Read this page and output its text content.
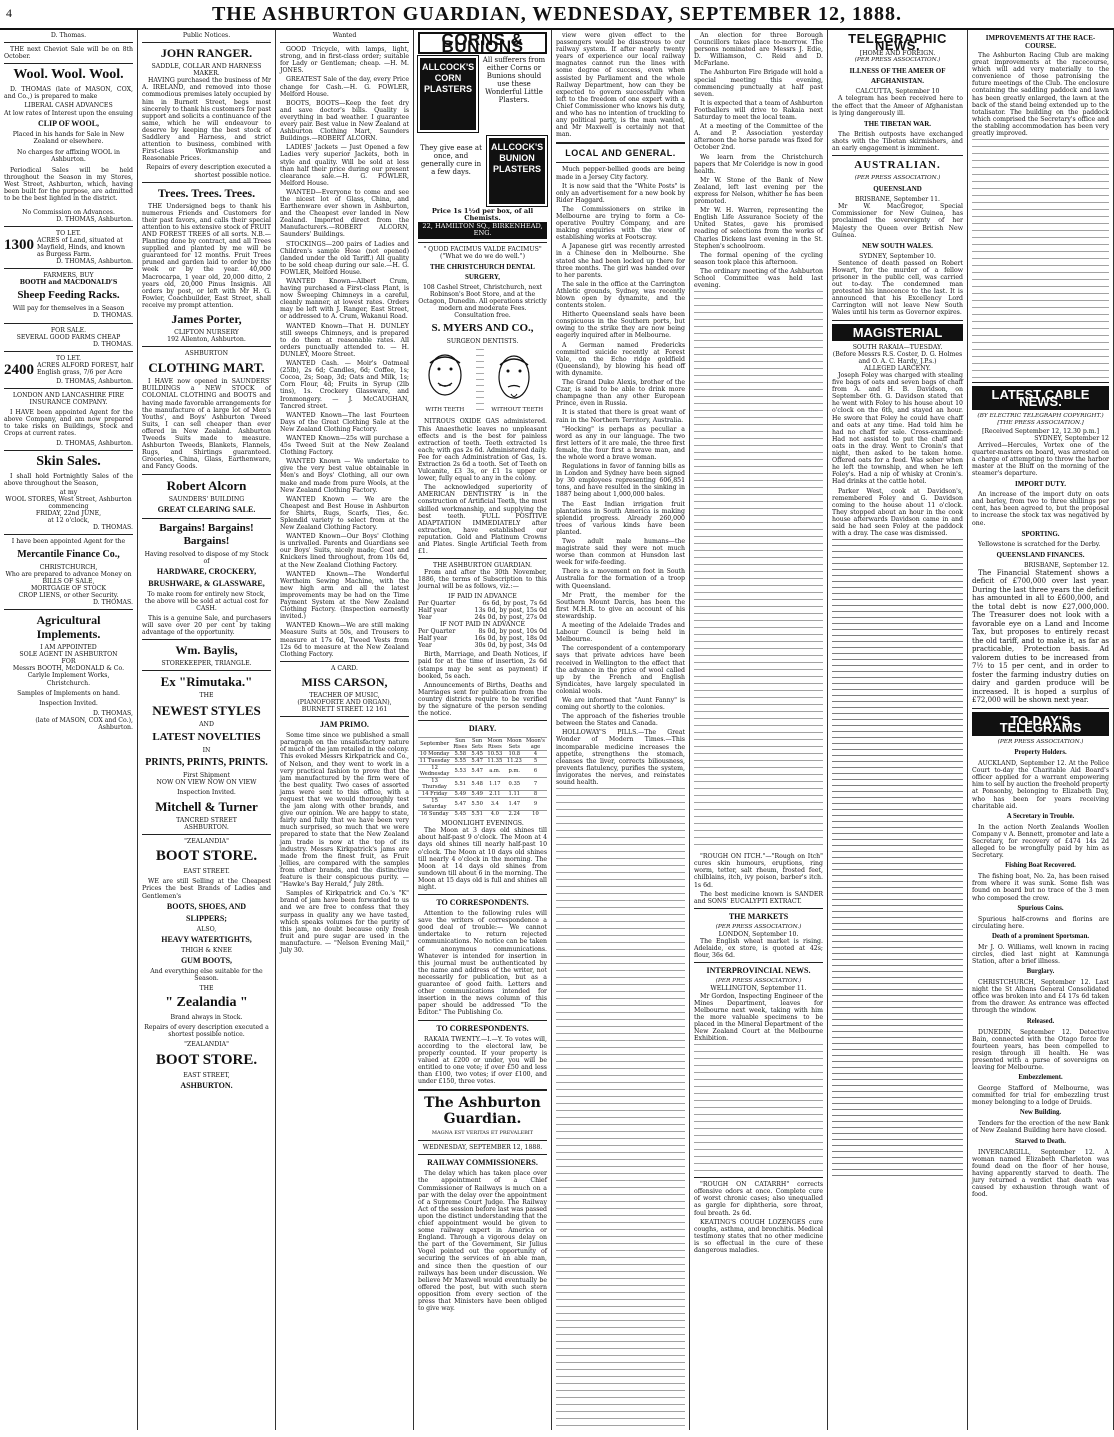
4	THE ASHBURTON GUARDIAN, WEDNESDAY, SEPTEMBER 12, 1888.
D. Thomas.
THE next Cheviot Sale will be on 8th October.
Wool. Wool. Wool.
D. THOMAS (late of MASON, COX, and Co.,) is prepared to make
LIBERAL CASH ADVANCES
At low rates of Interest upon the ensuing
CLIP OF WOOL,
Placed in his hands for Sale in New Zealand or elsewhere.
No charges for affixing WOOL in Ashburton.
Periodical Sales will be held throughout the Season in my Stores, West Street, Ashburton, which, having been built for the purpose, are admitted to be the best lighted in the district.
No Commission on Advances.
D. THOMAS, Ashburton.
TO LET.
1300 ACRES of Land, situated at Mayfield, Hinds, and known as Burgess Farm.
D. THOMAS, Ashburton.
FARMERS, BUY
BOOTH and MACDONALD'S
Sheep Feeding Racks.
Will pay for themselves in a Season
D. THOMAS.
FOR SALE.
SEVERAL GOOD FARMS CHEAP
D. THOMAS.
TO LET.
2400 ACRES ALFORD FOREST, half English grass, 7/6 per Acre
D. THOMAS, Ashburton.
LONDON AND LANCASHIRE FIRE INSURANCE COMPANY.
I HAVE been appointed Agent for the above Company, and am now prepared to take risks on Buildings, Stock and Crops at current rates.
D. THOMAS, Ashburton.
Skin Sales.
I shall hold Fortnightly Sales of the above throughout the Season,
at my
WOOL STORES, West Street, Ashburton
commencing
FRIDAY, 22nd JUNE,
at 12 o'clock,
D. THOMAS.
I have been appointed Agent for the
Mercantile Finance Co.,
CHRISTCHURCH,
Who are prepared to advance Money on
BILLS OF SALE,
MORTGAGE OF STOCK
CROP LIENS, or other Security.
D. THOMAS.
Agricultural Implements.
I AM APPOINTED
SOLE AGENT IN ASHBURTON
FOR
Messrs BOOTH, McDONALD & Co.
Carlyle Implement Works,
Christchurch.
Samples of Implements on hand.
Inspection Invited.
D. THOMAS,
(late of MASON, COX and Co.), Ashburton.
Public Notices.
JOHN RANGER.
SADDLE, COLLAR AND HARNESS MAKER.
HAVING purchased the business of Mr A. IRELAND, and removed into those commodious premises lately occupied by him in Burnett Street, begs most sincerely to thank his customers for past support and solicits a continuance of the same, which he will endeavour to deserve by keeping the best stock of Saddlery and Harness, and strict attention to business, combined with First-class Workmanship and Reasonable Prices.
Repairs of every description executed a shortest possible notice.
Trees. Trees. Trees.
THE Undersigned begs to thank his numerous Friends and Customers for their past favors, and calls their special attention to his extensive stock of FRUIT AND FOREST TREES of all sorts. N.B.—Planting done by contract, and all Trees supplied and planted by me will be guaranteed for 12 months. Fruit Trees pruned and garden laid to order by the week or by the year. 40,000 Macrocarpa, 1 year old, 20,000 ditto, 2 years old, 20,000 Pinus Insignis. All orders by post, or left with Mr H. G. Fowler, Coachbuilder, East Street, shall receive my prompt attention.
James Porter,
CLIFTON NURSERY
192 Allenton, Ashburton.
ASHBURTON
CLOTHING MART.
I HAVE now opened in SAUNDERS' BUILDINGS a NEW STOCK of COLONIAL CLOTHING and BOOTS and having made favorable arrangements for the manufacture of a large lot of Men's Youths', and Boys' Ashburton Tweed Suits, I can sell cheaper than ever offered in New Zealand. Ashburton Tweeds Suits made to measure. Ashburton Tweeds, Blankets, Flannels, Rugs, and Shirtings guaranteed. Groceries, China, Glass, Earthenware, and Fancy Goods.
Robert Alcorn
SAUNDERS' BUILDING
GREAT CLEARING SALE.
Bargains! Bargains! Bargains!
Having resolved to dispose of my Stock of
HARDWARE, CROCKERY,
BRUSHWARE, & GLASSWARE,
To make room for entirely new Stock, the above will be sold at actual cost for CASH.
This is a genuine Sale, and purchasers will save over 20 per cent by taking advantage of the opportunity.
Wm. Baylis,
STOREKEEPER, TRIANGLE.
Ex "Rimutaka."
THE
NEWEST STYLES
AND
LATEST NOVELTIES
IN
PRINTS, PRINTS, PRINTS.
First Shipment
NOW ON VIEW NOW ON VIEW
Inspection Invited.
Mitchell & Turner
TANCRED STREET
ASHBURTON.
"ZEALANDIA"
BOOT STORE.
EAST STREET.
WE are still Selling at the Cheapest Prices the best Brands of Ladies and Gentlemen's
BOOTS, SHOES, AND
SLIPPERS;
ALSO,
HEAVY WATERTIGHTS,
THIGH & KNEE
GUM BOOTS,
And everything else suitable for the Season.
THE
" Zealandia "
Brand always in Stock.
Repairs of every description executed a shortest possible notice.
"ZEALANDIA"
BOOT STORE.
EAST STREET,
ASHBURTON.
Wanted
GOOD Tricycle, with lamps, light, strong, and in first-class order; suitable for Lady or Gentleman; cheap. —H. M. JONES.
GREATEST Sale of the day, every Price change for Cash.—H. G. FOWLER, Melford House.
BOOTS, BOOTS—Keep the feet dry and save doctor's bills. Quality is everything in bad weather. I guarantee every pair. Best value in New Zealand at Ashburton Clothing Mart, Saunders Buildings.—ROBERT ALCORN.
LADIES' Jackets — Just Opened a few Ladies very superior Jackets, both in style and quality. Will be sold at less than half their price during our present clearance sale.—H. G. FOWLER, Melford House.
WANTED—Everyone to come and see the nicest lot of Glass, China, and Earthenware ever shown in Ashburton, and the Cheapest ever landed in New Zealand. Imported direct from the Manufacturers.—ROBERT ALCORN, Saunders' Buildings.
STOCKINGS—200 pairs of Ladies and Children's sample Hose (not opened) (landed under the old Tariff.) All quality to be sold cheap during our sale.—H. G. FOWLER, Melford House.
WANTED Known—Albert Crum, having purchased a First-class Plant, is now Sweeping Chimneys in a careful, cleanly manner, at lowest rates. Orders may be left with J. Ranger, East Street, or addressed to A. Crum, Wakanui Road.
WANTED Known—That H. DUNLEY still sweeps Chimneys, and is prepared to do them at reasonable rates. All orders punctually attended to. — H. DUNLEY, Moore Street.
WANTED Cash. — Moir's Oatmeal (25lb), 2s 6d; Candles, 6d; Coffee, 1s; Cocoa, 2s; Soap, 3d; Oats and Milk, 1s; Corn Flour, 4d; Fruits in Syrup (2lb tins), 1s. Crockery Glassware, and Ironmongery. — J. McCAUGHAN, Tancred street.
WANTED Known—The last Fourteen Days of the Great Clothing Sale at the New Zealand Clothing Factory.
WANTED Known—25s will purchase a 45s Tweed Suit at the New Zealand Clothing Factory.
WANTED Known — We undertake to give the very best value obtainable in Men's and Boys' Clothing, all our own make and made from pure Wools, at the New Zealand Clothing Factory.
WANTED Known — We are the Cheapest and Best House in Ashburton for Shirts, Rugs, Scarfs, Ties, &c. Splendid variety to select from at the New Zealand Clothing Factory.
WANTED Known—Our Boys' Clothing is unrivalled. Parents and Guardians see our Boys' Suits, nicely made; Coat and Knickers lined throughout, from 10s 6d, at the New Zealand Clothing Factory.
WANTED Known—The Wonderful Wertheim Sewing Machine, with the new high arm and all the latest improvements may be had on the Time Payment System at the New Zealand Clothing Factory. (Inspection earnestly invited.)
WANTED Known—We are still making Measure Suits at 50s, and Trousers to measure at 17s 6d, Tweed Vests from 12s 6d to measure at the New Zealand Clothing Factory.
A CARD.
MISS CARSON,
TEACHER OF MUSIC,
(PIANOFORTE AND ORGAN),
BURNETT STREET. 12 161
JAM PRIMO.
Some time since we published a small paragraph on the unsatisfactory nature of much of the jam retailed in the colony. This evoked Messrs Kirkpatrick and Co., of Nelson, and they went to work in a very practical fashion to prove that the jam manufactured by the firm were of the best quality. Two cases of assorted jams were sent to this office, with a request that we would thoroughly test the jam along with other brands, and give our opinion. We are happy to state, fairly and fully that we have been very much surprised, so much that we were prepared to state that the New Zealand jam trade is now at the top of its industry. Messrs Kirkpatrick's jams are made from the finest fruit, as Fruit Jellies, are compared with the samples from other brands, and the distinctive feature is their conspicuous purity. — "Hawke's Bay Herald," July 28th.
Samples of Kirkpatrick and Co.'s "K" brand of jam have been forwarded to us and we are free to confess that they surpass in quality any we have tasted, which speaks volumes for the purity of this jam, no doubt because only fresh fruit and pure sugar are used in the manufacture. — "Nelson Evening Mail," July 30.
CORNS & BUNIONS
ALLCOCK'S CORN PLASTERS
All sufferers from either Corns or Bunions should use these Wonderful Little Plasters.
They give ease at once, and generally cure in a few days.
ALLCOCK'S BUNION PLASTERS
Price 1s 1½d per box, of all Chemists.
22, HAMILTON SQ., BIRKENHEAD, ENG.
" QUOD FACIMUS VALDE FACIMUS" ("What we do we do well.")
THE CHRISTCHURCH DENTAL SURGERY,
108 Cashel Street, Christchurch, next Robinson's Boot Store, and at the Octagon, Dunedin. All operations strictly modern and moderate Fees. Consultation free.
S. MYERS AND CO.,
SURGEON DENTISTS.
WITH TEETH	WITHOUT TEETH
NITROUS OXIDE GAS administered. This Anaesthetic leaves no unpleasant effects and is the best for painless extraction of teeth. Teeth extracted 1s each; with gas 2s 6d. Administered daily. Fee for each Administration of Gas, 1s. Extraction 2s 6d a tooth. Set of Teeth on Vulcanite, £3 3s, or £1 1s upper or lower, fully equal to any in the colony.
The acknowledged superiority of AMERICAN DENTISTRY is in the construction of Artificial Teeth, the most skilled workmanship, and supplying the best teeth. FULL POSITIVE ADAPTATION IMMEDIATELY after extraction, have established our reputation. Gold and Platinum Crowns and Plates. Single Artificial Teeth from £1.
THE ASHBURTON GUARDIAN.
From and after the 30th November, 1886, the terms of Subscription to this journal will be as follows, viz.:—
IF PAID IN ADVANCE
Per Quarter	6s 6d, by post, 7s 6d
Half year	13s 0d, by post, 15s 0d
Year	24s 0d, by post, 27s 0d
IF NOT PAID IN ADVANCE
Per Quarter	8s 0d, by post, 10s 0d
Half year	16s 0d, by post, 18s 0d
Year	30s 0d, by post, 34s 0d
Birth, Marriage, and Death Notices, if paid for at the time of insertion, 2s 6d (stamps may be sent as payment) if booked, 5s each.
Announcements of Births, Deaths and Marriages sent for publication from the country districts require to be verified by the signature of the person sending the notice.
DIARY.
September	Sun Rises	Sun Sets	Moon Rises	Moon Sets	Moon's age
10 Monday	5.58	5.45	10.53	10.8	4
11 Tuesday	5.55	5.47	11.35	11.23	5
12 Wednesday	5.53	5.47	a.m.	p.m.	6
13 Thursday	5.51	5.48	1.17	0.35	7
14 Friday	5.49	5.49	2.11	1.11	8
15 Saturday	5.47	5.50	3.4	1.47	9
16 Sunday	5.45	5.51	4.0	2.24	10
MOONLIGHT EVENINGS.
The Moon at 3 days old shines till about half-past 9 o'clock. The Moon at 4 days old shines till nearly half-past 10 o'clock. The Moon at 10 days old shines till nearly 4 o'clock in the morning. The Moon at 14 days old shines from sundown till about 6 in the morning. The Moon at 15 days old is full and shines all night.
TO CORRESPONDENTS.
Attention to the following rules will save the writers of correspondence a good deal of trouble:— We cannot undertake to return rejected communications. No notice can be taken of anonymous communications. Whatever is intended for insertion in this journal must be authenticated by the name and address of the writer, not necessarily for publication, but as a guarantee of good faith. Letters and other communications intended for insertion in the news column of this paper should be addressed "To the Editor." The Publishing Co.
TO CORRESPONDENTS.
RAKAIA TWENTY.—I.—Y. To votes will, according to the electoral law, be properly counted. If your property is valued at £200 or under, you will be entitled to one vote; if over £50 and less than £100, two votes; if over £100, and under £150, three votes.
The Ashburton Guardian.
MAGNA EST VERITAS ET PREVALEBIT
WEDNESDAY, SEPTEMBER 12, 1888.
RAILWAY COMMISSIONERS.
The delay which has taken place over the appointment of a Chief Commissioner of Railways is much on a par with the delay over the appointment of a Supreme Court Judge. The Railway Act of the session before last was passed upon the distinct understanding that the chief appointment would be given to some railway expert in America or England. Through a vigorous delay on the part of the Government, Sir Julius Vogel pointed out the opportunity of securing the services of an able man, and since then the question of our railways has been under discussion. We believe Mr Maxwell would eventually be offered the post, but with such stern opposition from every section of the press that Ministers have been obliged to give way.
view were given effect to the passengers would be disastrous to our railway system. If after nearly twenty years of experience our local railway magnates cannot run the lines with some degree of success, even when assisted by Parliament and the whole Railway Department, how can they be expected to govern successfully when left to the freedom of one expert with a Chief Commissioner who knows his duty, and who has no intention of truckling to any political party, is the man wanted, and Mr Maxwell is certainly not that man.
LOCAL AND GENERAL.
Much pepper-bellied goods are being made in a Jersey City factory.
It is now said that the "White Posts" is only an advertisement for a new book by Rider Haggard.
The Commissioners on strike in Melbourne are trying to form a Co-operative Poultry Company, and are making enquiries with the view of establishing works at Footscray.
A Japanese girl was recently arrested in a Chinese den in Melbourne. She stated she had been locked up there for three months. The girl was handed over to her parents.
The sale in the office at the Carrington Athletic grounds, Sydney, was recently blown open by dynamite, and the contents stolen.
Hitherto Queensland seals have been conspicuous in the Southern ports, but owing to the strike they are now being eagerly inquired after in Melbourne.
A German named Fredericks committed suicide recently at Forest Vale, on the Echo ridge goldfield (Queensland), by blowing his head off with dynamite.
The Grand Duke Alexis, brother of the Czar, is said to be able to drink more champagne than any other European Prince, even in Russia.
It is stated that there is great want of rain in the Northern Territory, Australia.
"Hocking" is perhaps as peculiar a word as any in our language. The two first letters of it are male, the three first female, the four first a brave man, and the whole word a brave woman.
Regulations in favor of fanning bills as in London and Sydney have been signed by 30 employees representing 606,851 tons, and have resulted in the sinking in 1887 being about 1,000,000 bales.
The East Indian irrigation fruit plantations in South America is making splendid progress. Already 260,000 trees of various kinds have been planted.
Two adult male humans—the magistrate said they were not much worse than common at Hunsdon last week for wife-feeding.
There is a movement on foot in South Australia for the formation of a troop with Queensland.
Mr Pratt, the member for the Southern Mount Darcis, has been the first M.H.R. to give an account of his stewardship.
A meeting of the Adelaide Trades and Labour Council is being held in Melbourne.
The correspondent of a contemporary says that private advices have been received in Wellington to the effect that the advance in the price of wool called up by the French and English Syndicates, have largely speculated in colonial wools.
We are informed that "Aunt Fanny" is coming out shortly to the colonies.
The approach of the fisheries trouble between the States and Canada.
HOLLOWAY'S PILLS.—The Great Wonder of Modern Times.—This incomparable medicine increases the appetite, strengthens the stomach, cleanses the liver, corrects biliousness, prevents flatulency, purifies the system, invigorates the nerves, and reinstates sound health.
An election for three Borough Councillors takes place to-morrow. The persons nominated are Messrs J. Edie, D. Williamson, C. Reid and D. McFarlane.
The Ashburton Fire Brigade will hold a special meeting this evening, commencing punctually at half past seven.
It is expected that a team of Ashburton Footballers will drive to Rakaia next Saturday to meet the local team.
At a meeting of the Committee of the A. and P. Association yesterday afternoon the horse parade was fixed for October 2nd.
We learn from the Christchurch papers that Mr Coleridge is now in good health.
Mr W. Stone of the Bank of New Zealand, left last evening per the express for Nelson, whither he has been promoted.
Mr W. H. Warren, representing the English Life Assurance Society of the United States, gave his promised reading of selections from the works of Charles Dickens last evening in the St. Stephen's schoolroom.
The formal opening of the cycling season took place this afternoon.
The ordinary meeting of the Ashburton School Committee was held last evening.
"ROUGH ON ITCH."—"Rough on Itch" cures skin humours, eruptions, ring worm, tetter, salt rheum, frosted feet, chilblains, itch, ivy poison, barber's itch. 1s 6d.
The best medicine known is SANDER and SONS' EUCALYPTI EXTRACT.
THE MARKETS
(PER PRESS ASSOCIATION.)
LONDON, September 10.
The English wheat market is rising. Adelaide, ex store, is quoted at 42s; flour, 36s 6d.
INTERPROVINCIAL NEWS.
(PER PRESS ASSOCIATION.)
WELLINGTON, September 11.
Mr Gordon, Inspecting Engineer of the Mines Department, leaves for Melbourne next week, taking with him the more valuable specimens to be placed in the Mineral Department of the New Zealand Court at the Melbourne Exhibition.
"ROUGH ON CATARRH" corrects offensive odors at once. Complete cure of worst chronic cases; also unequalled as gargle for diphtheria, sore throat, foul breath. 2s 6d.
KEATING'S COUGH LOZENGES cure coughs, asthma, and bronchitis. Medical testimony states that no other medicine is so effectual in the cure of these dangerous maladies.
TELEGRAPHIC NEWS.
[HOME AND FOREIGN.
(PER PRESS ASSOCIATION.)
ILLNESS OF THE AMEER OF AFGHANISTAN.
CALCUTTA, September 10
A telegram has been received here to the effect that the Ameer of Afghanistan is lying dangerously ill.
THE TIBETAN WAR.
The British outposts have exchanged shots with the Tibetan skirmishers, and an early engagement is imminent.
AUSTRALIAN.
(PER PRESS ASSOCIATION.)
QUEENSLAND
BRISBANE, September 11.
Mr W. MacGregor, Special Commissioner for New Guinea, has proclaimed the sovereignty of her Majesty the Queen over British New Guinea.
NEW SOUTH WALES.
SYDNEY, September 10.
Sentence of death passed on Robert Howart, for the murder of a fellow prisoner in the public cell, was carried out to-day. The condemned man protested his innocence to the last. It is announced that his Excellency Lord Carrington will not leave New South Wales until his term as Governor expires.
MAGISTERIAL
SOUTH RAKAIA—TUESDAY.
(Before Messrs R.S. Coster, D. G. Holmes and O. A. C. Hardy, J.P.s.)
ALLEGED LARCENY.
Joseph Foley was charged with stealing five bags of oats and seven bags of chaff from A. and H. B. Davidson, on September 6th. G. Davidson stated that he went with Foley to his house about 10 o'clock on the 6th, and stayed an hour. He swore that Foley he could have chaff and oats at any time. Had told him he had no chaff for sale. Cross-examined: Had not assisted to put the chaff and oats in the dray. Went to Cronin's that night, then asked to be taken home. Offered oats for a feed. Was sober when he left the township, and when he left Foley's. Had a nip of whisky at Cronin's. Had drinks at the cattle hotel.
Parker West, cook at Davidson's, remembered Foley and G. Davidson coming to the house about 11 o'clock. They stopped about an hour in the cook house afterwards Davidson came in and said he had seen Foley at the paddock with a dray. The case was dismissed.
IMPROVEMENTS AT THE RACE-COURSE.
The Ashburton Racing Club are making great improvements at the racecourse, which will add very materially to the convenience of those patronising the future meetings of the Club. The enclosure containing the saddling paddock and lawn has been greatly enlarged, the lawn at the back of the stand being extended up to the totalisator. The building on the paddock which comprised the Secretary's office and the stabling accommodation has been very greatly improved.
LATEST CABLE NEWS.
(BY ELECTRIC TELEGRAPH COPYRIGHT.)
[THE PRESS ASSOCIATION.]
[Received September 12, 12.30 p.m.]
SYDNEY, September 12
Arrived—Hercules, Vortex one of the quarter-masters on board, was arrested on a charge of attempting to throw the harbor master at the Bluff on the morning of the steamer's departure.
IMPORT DUTY.
An increase of the import duty on oats and barley, from two to three shillings per cent, has been agreed to, but the proposal to increase the stock tax was negatived by one.
SPORTING.
Yellowstone is scratched for the Derby.
QUEENSLAND FINANCES.
BRISBANE, September 12.
The Financial Statement shows a deficit of £700,000 over last year. During the last three years the deficit has amounted in all to £600,000, and the total debt is now £27,000,000. The Treasurer does not look with a favorable eye on a Land and Income Tax, but proposes to entirely recast the old tariff, and to make it, as far as practicable, Protection basis. Ad valorem duties to be increased from 7½ to 15 per cent, and in order to foster the farming industry duties on dairy and garden produce will be increased. It is hoped a surplus of £72,000 will be shown next year.
TO-DAY'S TELEGRAMS
(PER PRESS ASSOCIATION.)
Property Holders.
AUCKLAND, September 12. At the Police Court to-day the Charitable Aid Board's officer applied for a warrant empowering him to sell by auction the freehold property at Ponsonby, belonging to Elizabeth Day, who has been for years receiving charitable aid.
A Secretary in Trouble.
In the action North Zealands Woollen Company v A. Bennett, promoter and late a Secretary, for recovery of £474 14s 2d alleged to be wrongfully paid by him as Secretary.
Fishing Boat Recovered.
The fishing boat, No. 2a, has been raised from where it was sunk. Some fish was found on board but no trace of the 3 men who composed the crew.
Spurious Coins.
Spurious half-crowns and florins are circulating here.
Death of a prominent Sportsman.
Mr J. O. Williams, well known in racing circles, died last night at Kamnunga Station, after a brief illness.
Burglary.
CHRISTCHURCH, September 12. Last night the St Albans General Consolidated office was broken into and £4 17s 6d taken from the drawer. As entrance was effected through the window.
Released.
DUNEDIN, September 12. Detective Bain, connected with the Otago force for fourteen years, has been compelled to resign through ill health. He was presented with a purse of sovereigns on leaving for Melbourne.
Embezzlement.
George Stafford of Melbourne, was committed for trial for embezzling trust money belonging to a lodge of Druids.
New Building.
Tenders for the erection of the new Bank of New Zealand Building here have closed.
Starved to Death.
INVERCARGILL, September 12. A woman named Elizabeth Charleton was found dead on the floor of her house, having apparently starved to death. The jury returned a verdict that death was caused by exhaustion through want of food.
